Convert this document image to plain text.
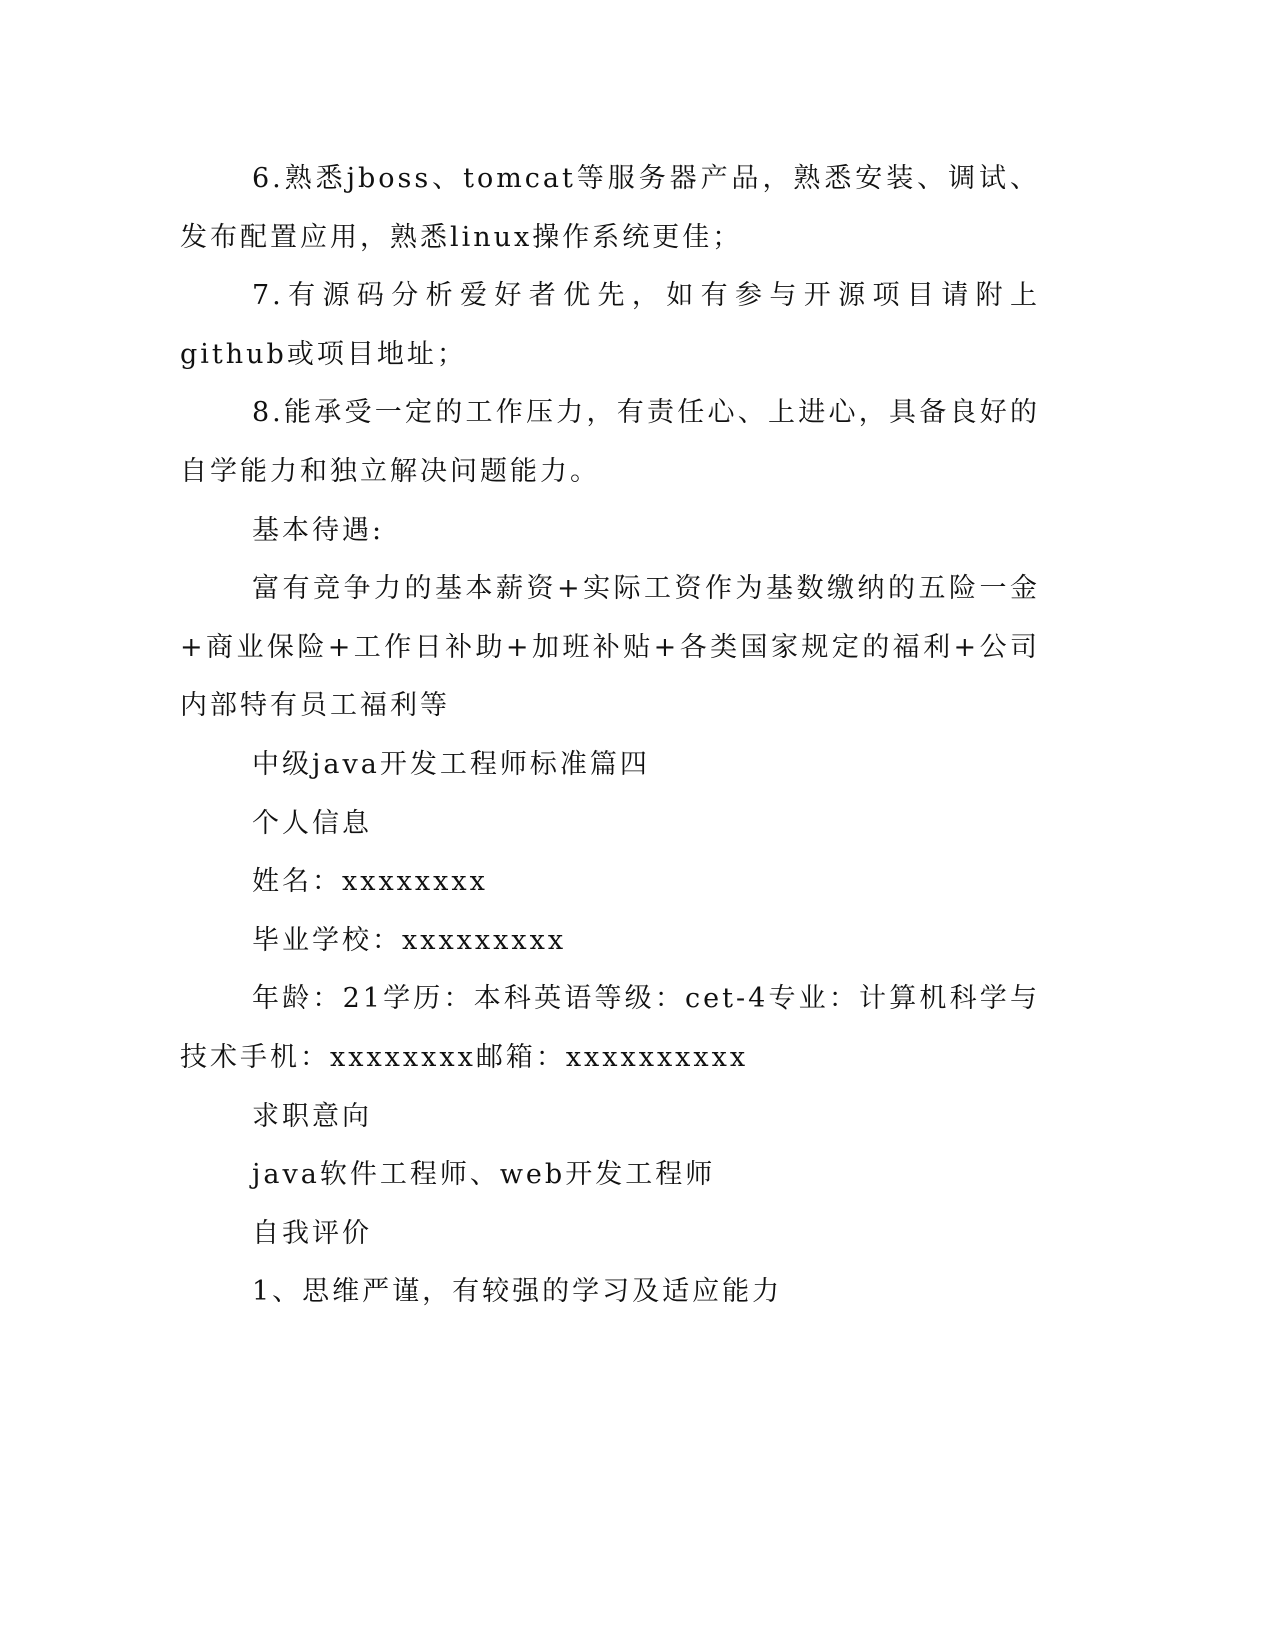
6.熟悉jboss、tomcat等服务器产品，熟悉安装、调试、发布配置应用，熟悉linux操作系统更佳；

7.有源码分析爱好者优先，如有参与开源项目请附上github或项目地址；

8.能承受一定的工作压力，有责任心、上进心，具备良好的自学能力和独立解决问题能力。

基本待遇:

富有竞争力的基本薪资+实际工资作为基数缴纳的五险一金+商业保险+工作日补助+加班补贴+各类国家规定的福利+公司内部特有员工福利等

中级java开发工程师标准篇四

个人信息

姓名：xxxxxxxx

毕业学校：xxxxxxxxx

年龄：21学历：本科英语等级：cet-4专业：计算机科学与技术手机：xxxxxxxx邮箱：xxxxxxxxxx

求职意向

java软件工程师、web开发工程师

自我评价

1、思维严谨，有较强的学习及适应能力
